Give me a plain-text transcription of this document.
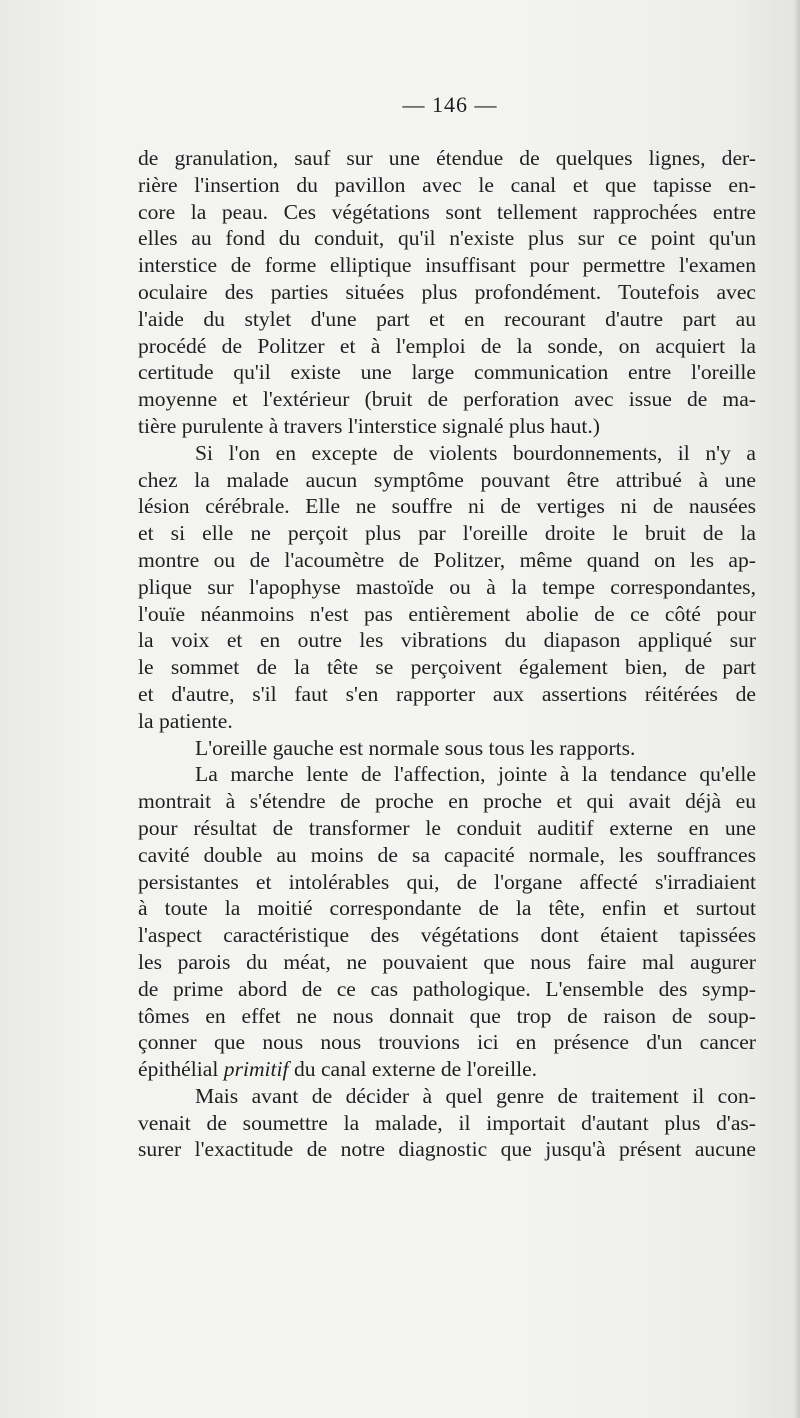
— 146 —
de granulation, sauf sur une étendue de quelques lignes, der-
rière l'insertion du pavillon avec le canal et que tapisse en-
core la peau. Ces végétations sont tellement rapprochées entre
elles au fond du conduit, qu'il n'existe plus sur ce point qu'un
interstice de forme elliptique insuffisant pour permettre l'examen
oculaire des parties situées plus profondément. Toutefois avec
l'aide du stylet d'une part et en recourant d'autre part au
procédé de Politzer et à l'emploi de la sonde, on acquiert la
certitude qu'il existe une large communication entre l'oreille
moyenne et l'extérieur (bruit de perforation avec issue de ma-
tière purulente à travers l'interstice signalé plus haut.)
Si l'on en excepte de violents bourdonnements, il n'y a
chez la malade aucun symptôme pouvant être attribué à une
lésion cérébrale. Elle ne souffre ni de vertiges ni de nausées
et si elle ne perçoit plus par l'oreille droite le bruit de la
montre ou de l'acoumètre de Politzer, même quand on les ap-
plique sur l'apophyse mastoïde ou à la tempe correspondantes,
l'ouïe néanmoins n'est pas entièrement abolie de ce côté pour
la voix et en outre les vibrations du diapason appliqué sur
le sommet de la tête se perçoivent également bien, de part
et d'autre, s'il faut s'en rapporter aux assertions réitérées de
la patiente.
L'oreille gauche est normale sous tous les rapports.
La marche lente de l'affection, jointe à la tendance qu'elle
montrait à s'étendre de proche en proche et qui avait déjà eu
pour résultat de transformer le conduit auditif externe en une
cavité double au moins de sa capacité normale, les souffrances
persistantes et intolérables qui, de l'organe affecté s'irradiaient
à toute la moitié correspondante de la tête, enfin et surtout
l'aspect caractéristique des végétations dont étaient tapissées
les parois du méat, ne pouvaient que nous faire mal augurer
de prime abord de ce cas pathologique. L'ensemble des symp-
tômes en effet ne nous donnait que trop de raison de soup-
çonner que nous nous trouvions ici en présence d'un cancer
épithélial primitif du canal externe de l'oreille.
Mais avant de décider à quel genre de traitement il con-
venait de soumettre la malade, il importait d'autant plus d'as-
surer l'exactitude de notre diagnostic que jusqu'à présent aucune
